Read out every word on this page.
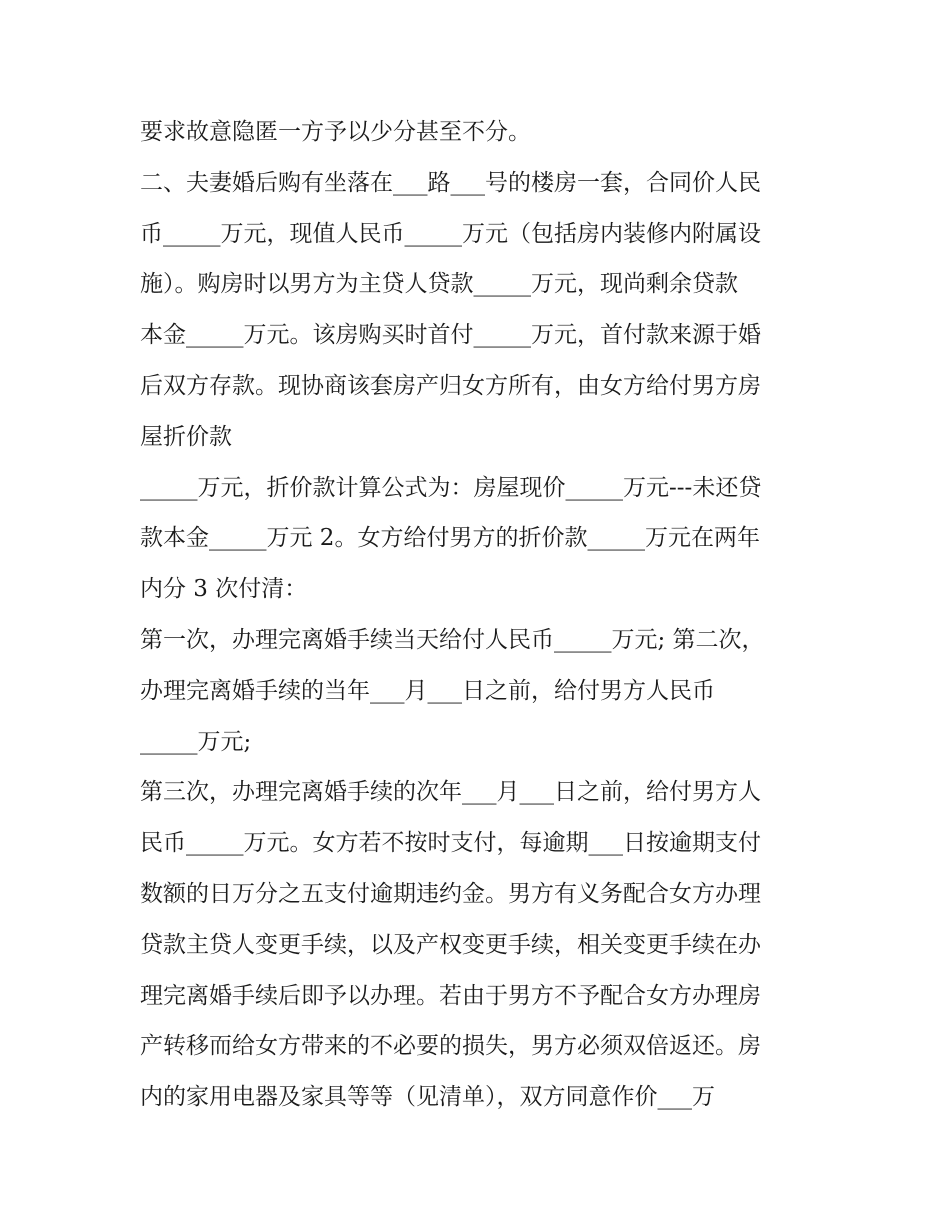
要求故意隐匿一方予以少分甚至不分。
二、夫妻婚后购有坐落在___路___号的楼房一套，合同价人民
币_____万元，现值人民币_____万元（包括房内装修内附属设
施）。购房时以男方为主贷人贷款_____万元，现尚剩余贷款
本金_____万元。该房购买时首付_____万元，首付款来源于婚
后双方存款。现协商该套房产归女方所有，由女方给付男方房
屋折价款
_____万元，折价款计算公式为：房屋现价_____万元---未还贷
款本金_____万元 2。女方给付男方的折价款_____万元在两年
内分 3 次付清：
第一次，办理完离婚手续当天给付人民币_____万元; 第二次，
办理完离婚手续的当年___月___日之前，给付男方人民币
_____万元;
第三次，办理完离婚手续的次年___月___日之前，给付男方人
民币_____万元。女方若不按时支付，每逾期___日按逾期支付
数额的日万分之五支付逾期违约金。男方有义务配合女方办理
贷款主贷人变更手续，以及产权变更手续，相关变更手续在办
理完离婚手续后即予以办理。若由于男方不予配合女方办理房
产转移而给女方带来的不必要的损失，男方必须双倍返还。房
内的家用电器及家具等等（见清单），双方同意作价___万
